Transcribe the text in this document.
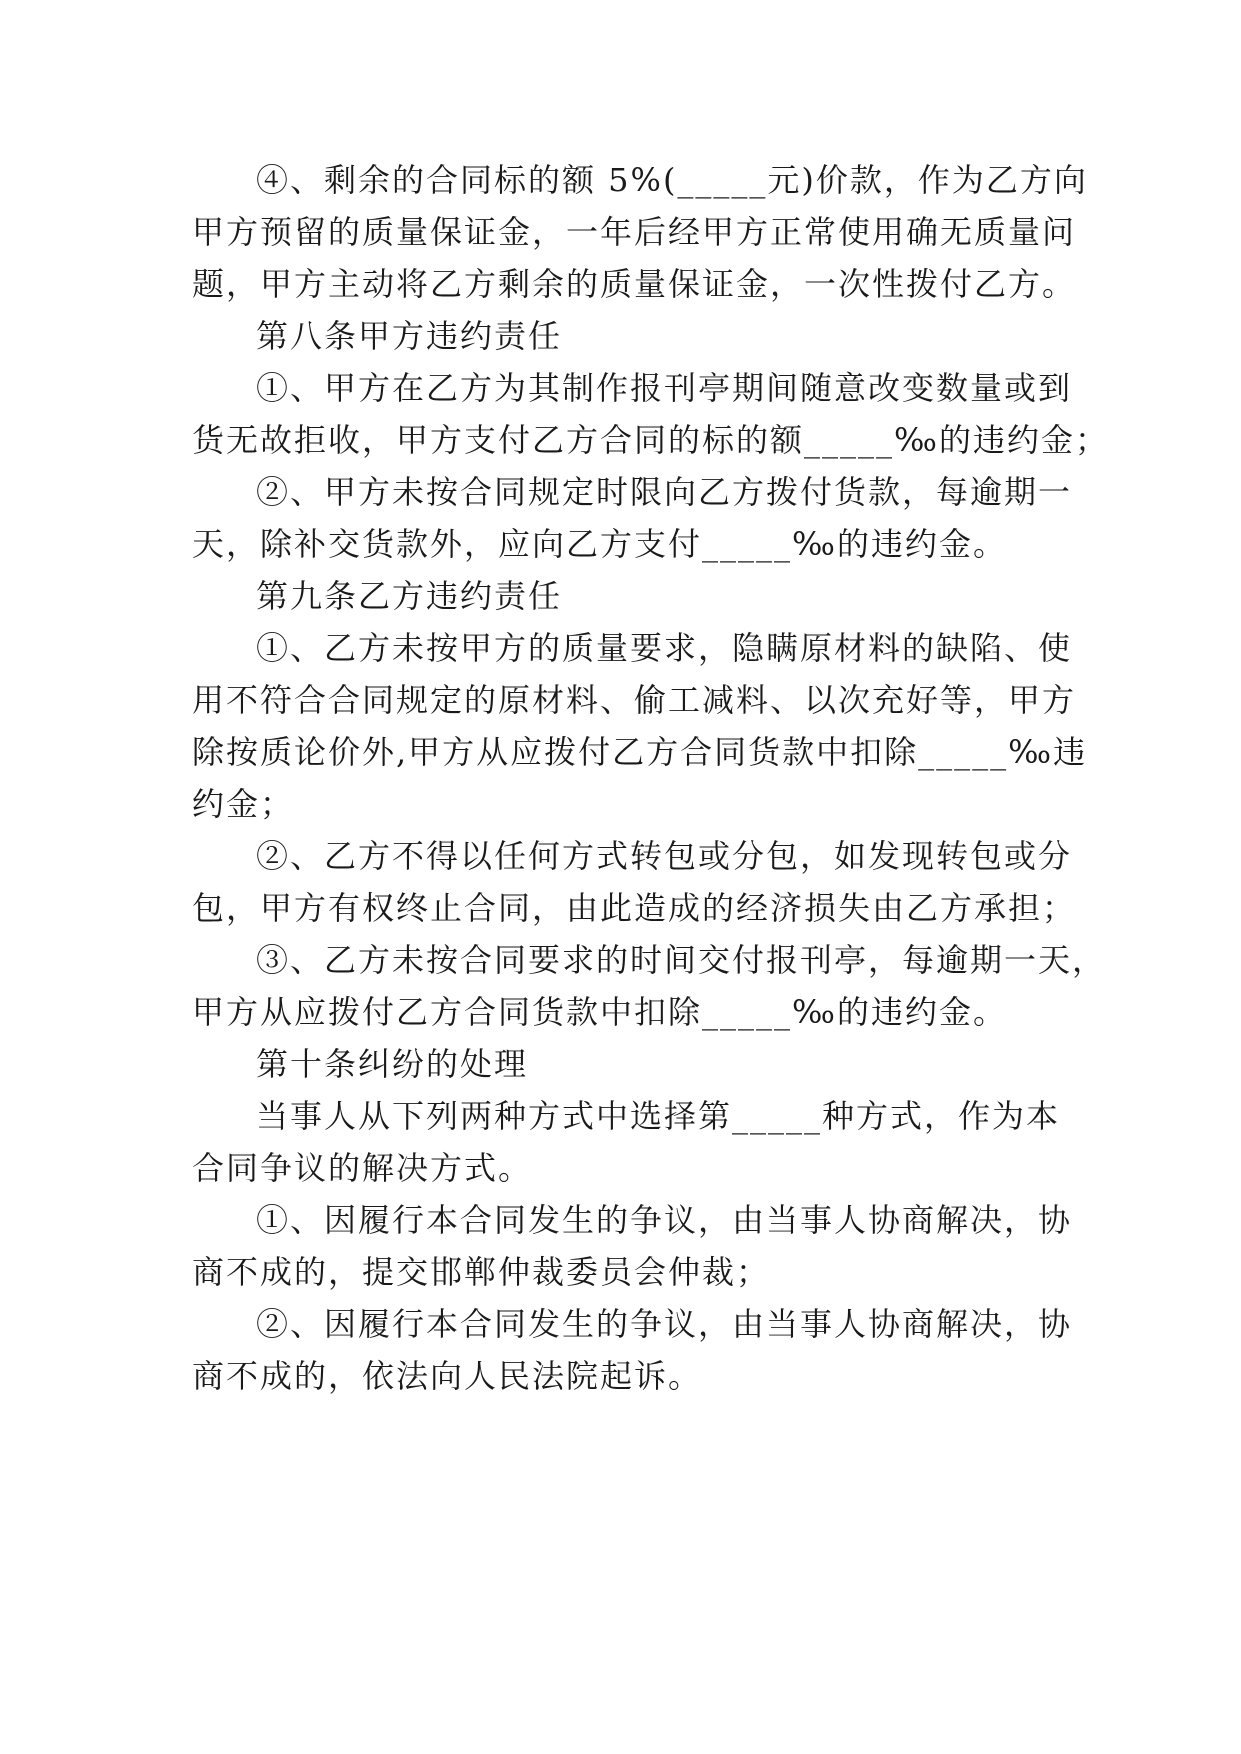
④、剩余的合同标的额 5%(_____元)价款，作为乙方向
甲方预留的质量保证金，一年后经甲方正常使用确无质量问
题，甲方主动将乙方剩余的质量保证金，一次性拨付乙方。
第八条甲方违约责任
①、甲方在乙方为其制作报刊亭期间随意改变数量或到
货无故拒收，甲方支付乙方合同的标的额_____‰的违约金；
②、甲方未按合同规定时限向乙方拨付货款，每逾期一
天，除补交货款外，应向乙方支付_____‰的违约金。
第九条乙方违约责任
①、乙方未按甲方的质量要求，隐瞒原材料的缺陷、使
用不符合合同规定的原材料、偷工减料、以次充好等，甲方
除按质论价外,甲方从应拨付乙方合同货款中扣除_____‰违
约金；
②、乙方不得以任何方式转包或分包，如发现转包或分
包，甲方有权终止合同，由此造成的经济损失由乙方承担；
③、乙方未按合同要求的时间交付报刊亭，每逾期一天，
甲方从应拨付乙方合同货款中扣除_____‰的违约金。
第十条纠纷的处理
当事人从下列两种方式中选择第_____种方式，作为本
合同争议的解决方式。
①、因履行本合同发生的争议，由当事人协商解决，协
商不成的，提交邯郸仲裁委员会仲裁；
②、因履行本合同发生的争议，由当事人协商解决，协
商不成的，依法向人民法院起诉。
